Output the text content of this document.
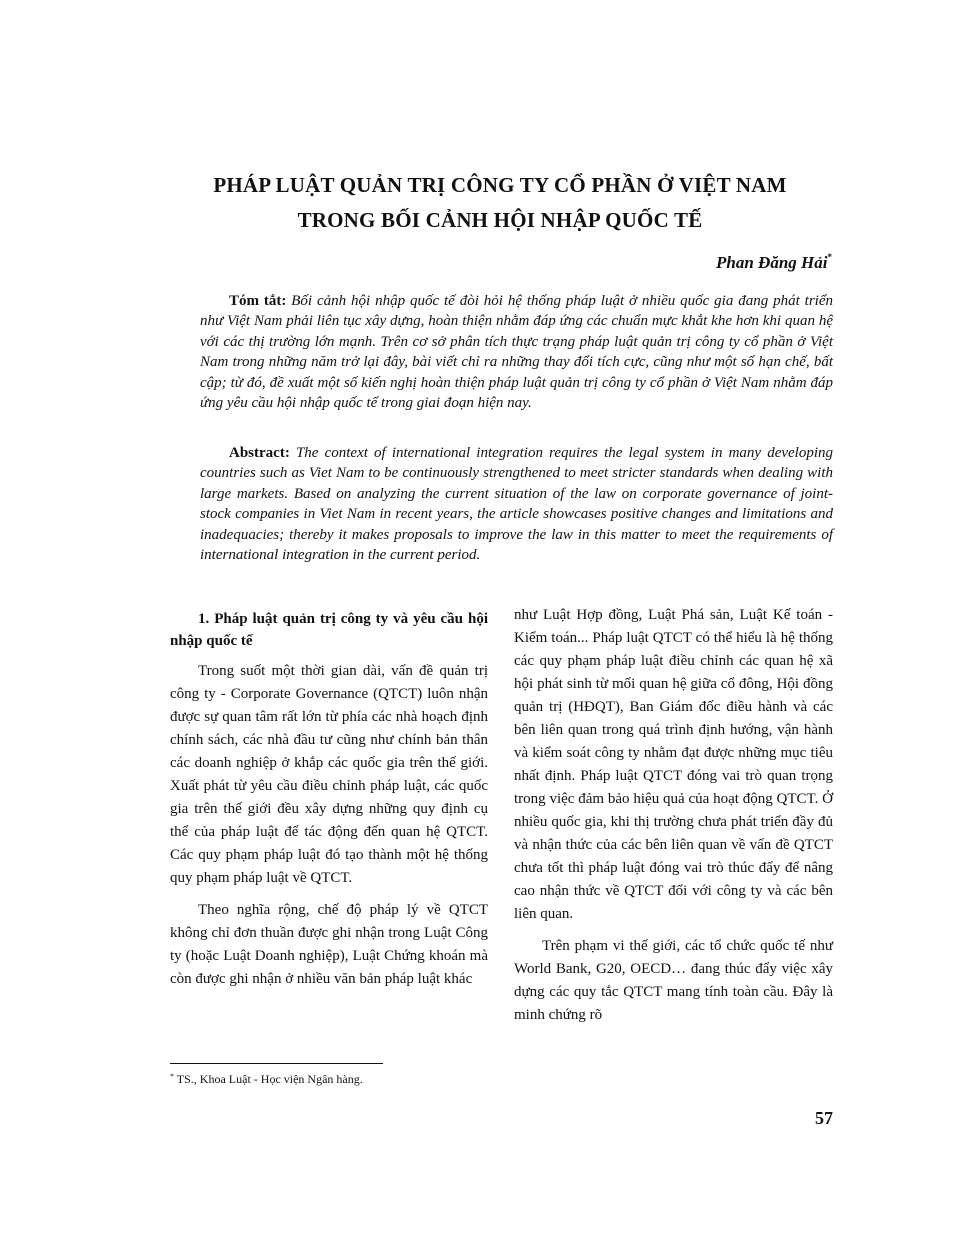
PHÁP LUẬT QUẢN TRỊ CÔNG TY CỔ PHẦN Ở VIỆT NAM
TRONG BỐI CẢNH HỘI NHẬP QUỐC TẾ
Phan Đăng Hải*

Tóm tắt: Bối cảnh hội nhập quốc tế đòi hỏi hệ thống pháp luật ở nhiều quốc gia đang phát triển như Việt Nam phải liên tục xây dựng, hoàn thiện nhằm đáp ứng các chuẩn mực khắt khe hơn khi quan hệ với các thị trường lớn mạnh. Trên cơ sở phân tích thực trạng pháp luật quản trị công ty cổ phần ở Việt Nam trong những năm trở lại đây, bài viết chỉ ra những thay đổi tích cực, cũng như một số hạn chế, bất cập; từ đó, đề xuất một số kiến nghị hoàn thiện pháp luật quản trị công ty cổ phần ở Việt Nam nhằm đáp ứng yêu cầu hội nhập quốc tế trong giai đoạn hiện nay.

Abstract: The context of international integration requires the legal system in many developing countries such as Viet Nam to be continuously strengthened to meet stricter standards when dealing with large markets. Based on analyzing the current situation of the law on corporate governance of joint-stock companies in Viet Nam in recent years, the article showcases positive changes and limitations and inadequacies; thereby it makes proposals to improve the law in this matter to meet the requirements of international integration in the current period.

1. Pháp luật quản trị công ty và yêu cầu hội nhập quốc tế

Trong suốt một thời gian dài, vấn đề quản trị công ty - Corporate Governance (QTCT) luôn nhận được sự quan tâm rất lớn từ phía các nhà hoạch định chính sách, các nhà đầu tư cũng như chính bản thân các doanh nghiệp ở khắp các quốc gia trên thế giới. Xuất phát từ yêu cầu điều chỉnh pháp luật, các quốc gia trên thế giới đều xây dựng những quy định cụ thể của pháp luật để tác động đến quan hệ QTCT. Các quy phạm pháp luật đó tạo thành một hệ thống quy phạm pháp luật về QTCT.

Theo nghĩa rộng, chế độ pháp lý về QTCT không chỉ đơn thuần được ghi nhận trong Luật Công ty (hoặc Luật Doanh nghiệp), Luật Chứng khoán mà còn được ghi nhận ở nhiều văn bản pháp luật khác

như Luật Hợp đồng, Luật Phá sản, Luật Kế toán - Kiểm toán... Pháp luật QTCT có thể hiểu là hệ thống các quy phạm pháp luật điều chỉnh các quan hệ xã hội phát sinh từ mối quan hệ giữa cổ đông, Hội đồng quản trị (HĐQT), Ban Giám đốc điều hành và các bên liên quan trong quá trình định hướng, vận hành và kiểm soát công ty nhằm đạt được những mục tiêu nhất định. Pháp luật QTCT đóng vai trò quan trọng trong việc đảm bảo hiệu quả của hoạt động QTCT. Ở nhiều quốc gia, khi thị trường chưa phát triển đầy đủ và nhận thức của các bên liên quan về vấn đề QTCT chưa tốt thì pháp luật đóng vai trò thúc đẩy để nâng cao nhận thức về QTCT đối với công ty và các bên liên quan.

Trên phạm vi thế giới, các tổ chức quốc tế như World Bank, G20, OECD… đang thúc đẩy việc xây dựng các quy tắc QTCT mang tính toàn cầu. Đây là minh chứng rõ

* TS., Khoa Luật - Học viện Ngân hàng.
57
